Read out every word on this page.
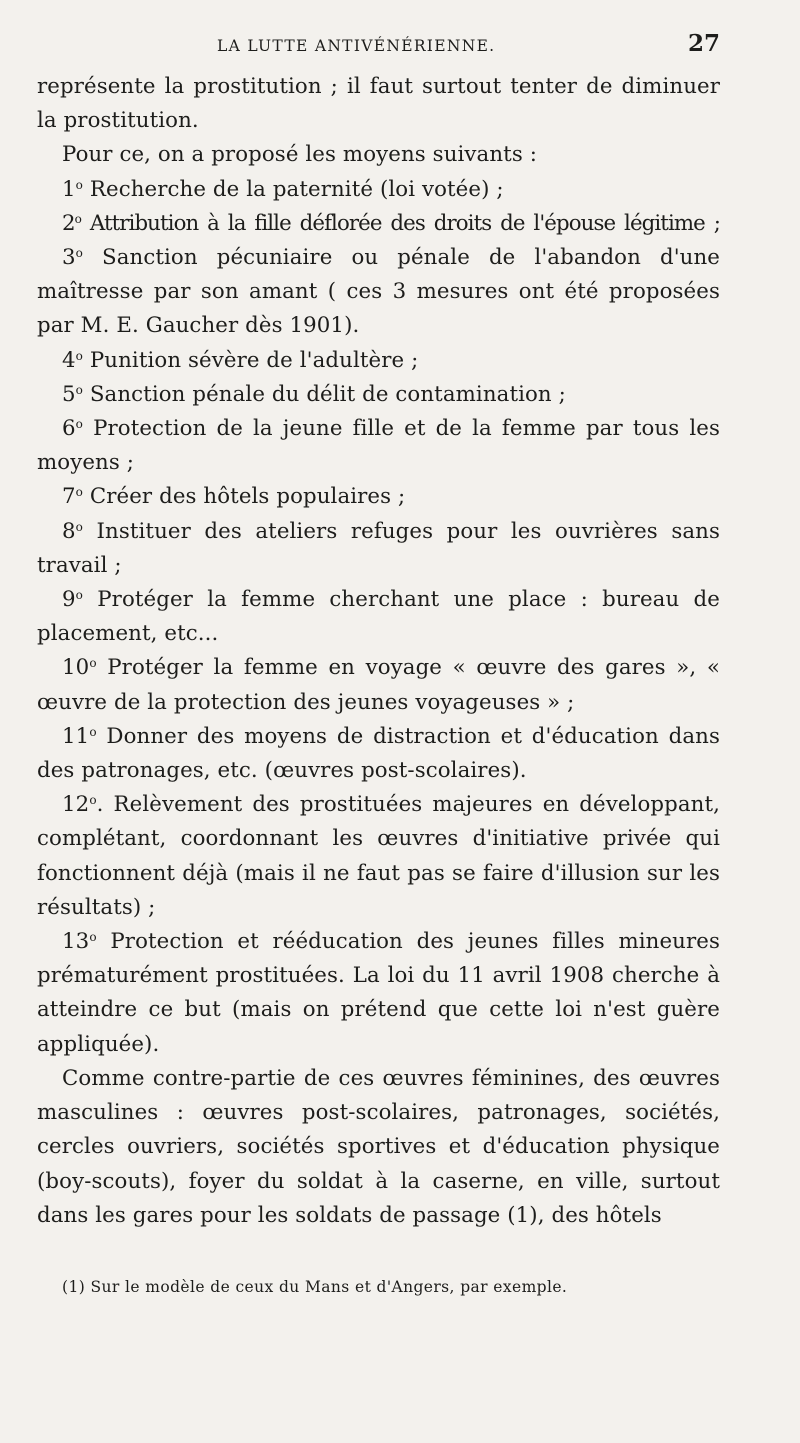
LA LUTTE ANTIVÉNÉRIENNE.	27

représente la prostitution ; il faut surtout tenter de diminuer la prostitution.

Pour ce, on a proposé les moyens suivants :

1$^o$ Recherche de la paternité (loi votée) ;

2$^o$ Attribution à la fille déflorée des droits de l'épouse légitime ;

3$^o$ Sanction pécuniaire ou pénale de l'abandon d'une maîtresse par son amant ( ces 3 mesures ont été proposées par M. E. Gaucher dès 1901).

4$^o$ Punition sévère de l'adultère ;

5$^o$ Sanction pénale du délit de contamination ;

6$^o$ Protection de la jeune fille et de la femme par tous les moyens ;

7$^o$ Créer des hôtels populaires ;

8$^o$ Instituer des ateliers refuges pour les ouvrières sans travail ;

9$^o$ Protéger la femme cherchant une place : bureau de placement, etc...

10$^o$ Protéger la femme en voyage « œuvre des gares », « œuvre de la protection des jeunes voyageuses » ;

11$^o$ Donner des moyens de distraction et d'éducation dans des patronages, etc. (œuvres post-scolaires).

12$^o$. Relèvement des prostituées majeures en développant, complétant, coordonnant les œuvres d'initiative privée qui fonctionnent déjà (mais il ne faut pas se faire d'illusion sur les résultats) ;

13$^o$ Protection et rééducation des jeunes filles mineures prématurément prostituées. La loi du 11 avril 1908 cherche à atteindre ce but (mais on prétend que cette loi n'est guère appliquée).

Comme contre-partie de ces œuvres féminines, des œuvres masculines : œuvres post-scolaires, patronages, sociétés, cercles ouvriers, sociétés sportives et d'éducation physique (boy-scouts), foyer du soldat à la caserne, en ville, surtout dans les gares pour les soldats de passage (1), des hôtels

(1) Sur le modèle de ceux du Mans et d'Angers, par exemple.
